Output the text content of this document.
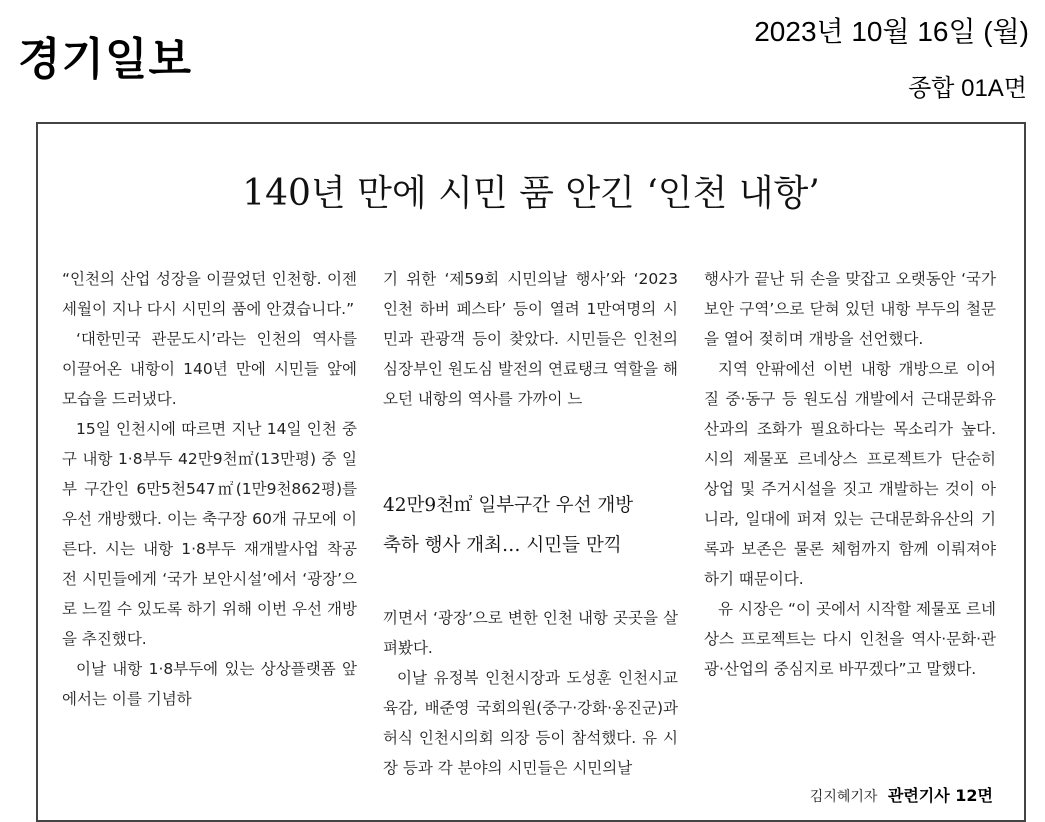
경기일보
2023년 10월 16일 (월)
종합 01A면
140년 만에 시민 품 안긴 ‘인천 내항’

“인천의 산업 성장을 이끌었던 인천항. 이젠 세월이 지나 다시 시민의 품에 안겼습니다.”

‘대한민국 관문도시’라는 인천의 역사를 이끌어온 내항이 140년 만에 시민들 앞에 모습을 드러냈다.

15일 인천시에 따르면 지난 14일 인천 중구 내항 1·8부두 42만9천㎡(13만평) 중 일부 구간인 6만5천547㎡(1만9천862평)를 우선 개방했다. 이는 축구장 60개 규모에 이른다. 시는 내항 1·8부두 재개발사업 착공 전 시민들에게 ‘국가 보안시설’에서 ‘광장’으로 느낄 수 있도록 하기 위해 이번 우선 개방을 추진했다.

이날 내항 1·8부두에 있는 상상플랫폼 앞에서는 이를 기념하

기 위한 ‘제59회 시민의날 행사’와 ‘2023 인천 하버 페스타’ 등이 열려 1만여명의 시민과 관광객 등이 찾았다. 시민들은 인천의 심장부인 원도심 발전의 연료탱크 역할을 해오던 내항의 역사를 가까이 느

42만9천㎡ 일부구간 우선 개방
축하 행사 개최… 시민들 만끽

끼면서 ‘광장’으로 변한 인천 내항 곳곳을 살펴봤다.

이날 유정복 인천시장과 도성훈 인천시교육감, 배준영 국회의원(중구·강화·옹진군)과 허식 인천시의회 의장 등이 참석했다. 유 시장 등과 각 분야의 시민들은 시민의날

행사가 끝난 뒤 손을 맞잡고 오랫동안 ‘국가 보안 구역’으로 닫혀 있던 내항 부두의 철문을 열어 젖히며 개방을 선언했다.

지역 안팎에선 이번 내항 개방으로 이어질 중·동구 등 원도심 개발에서 근대문화유산과의 조화가 필요하다는 목소리가 높다. 시의 제물포 르네상스 프로젝트가 단순히 상업 및 주거시설을 짓고 개발하는 것이 아니라, 일대에 퍼져 있는 근대문화유산의 기록과 보존은 물론 체험까지 함께 이뤄져야 하기 때문이다.

유 시장은 “이 곳에서 시작할 제물포 르네상스 프로젝트는 다시 인천을 역사·문화·관광·산업의 중심지로 바꾸겠다”고 말했다.

김지혜기자 관련기사 12면
